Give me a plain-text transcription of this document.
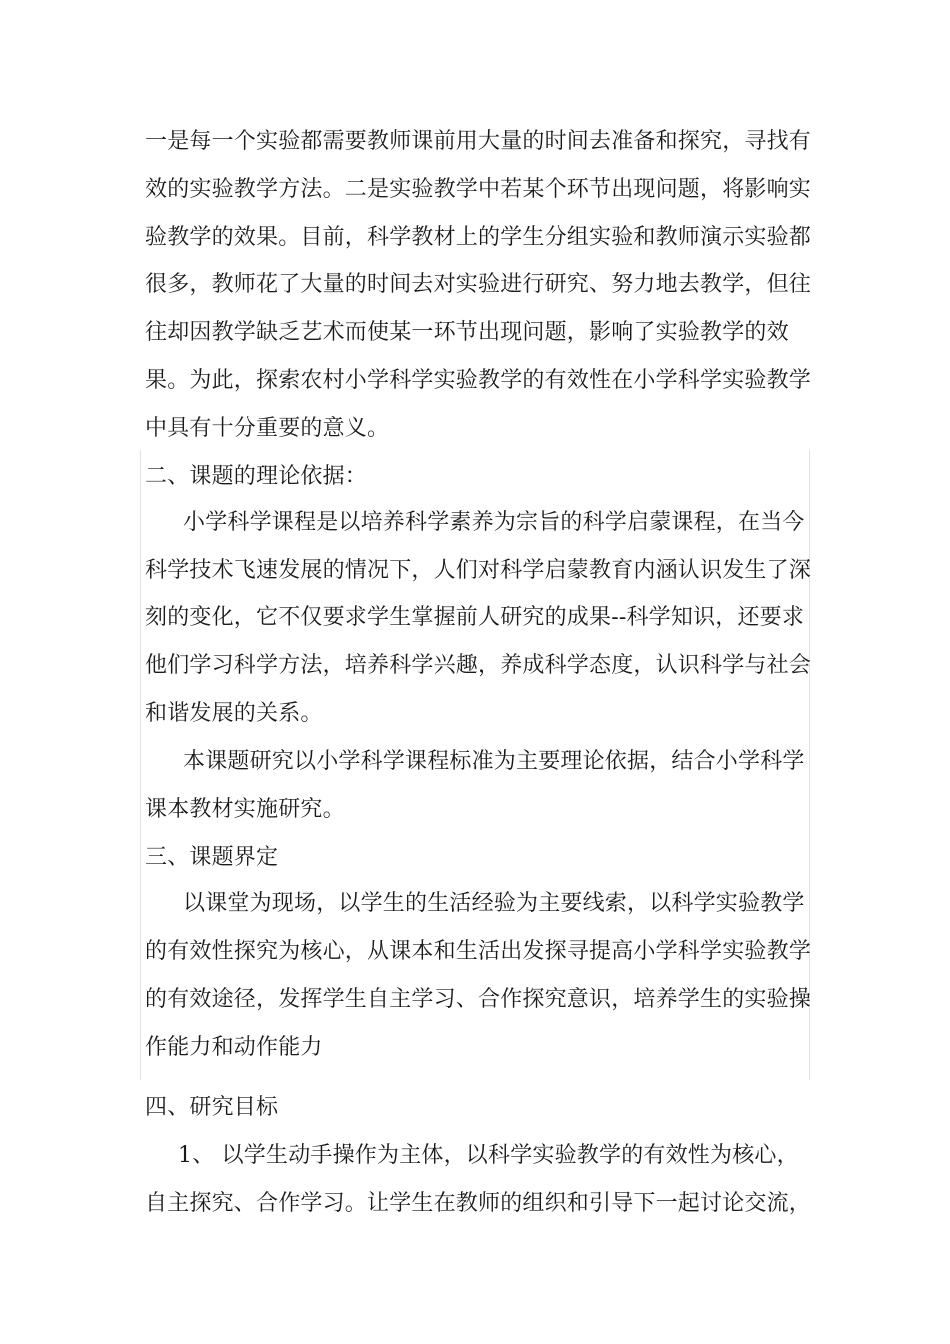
一是每一个实验都需要教师课前用大量的时间去准备和探究，寻找有
效的实验教学方法。二是实验教学中若某个环节出现问题，将影响实
验教学的效果。目前，科学教材上的学生分组实验和教师演示实验都
很多，教师花了大量的时间去对实验进行研究、努力地去教学，但往
往却因教学缺乏艺术而使某一环节出现问题，影响了实验教学的效
果。为此，探索农村小学科学实验教学的有效性在小学科学实验教学
中具有十分重要的意义。
二、课题的理论依据：
小学科学课程是以培养科学素养为宗旨的科学启蒙课程，在当今
科学技术飞速发展的情况下，人们对科学启蒙教育内涵认识发生了深
刻的变化，它不仅要求学生掌握前人研究的成果--科学知识，还要求
他们学习科学方法，培养科学兴趣，养成科学态度，认识科学与社会
和谐发展的关系。
本课题研究以小学科学课程标准为主要理论依据，结合小学科学
课本教材实施研究。
三、课题界定
以课堂为现场，以学生的生活经验为主要线索，以科学实验教学
的有效性探究为核心，从课本和生活出发探寻提高小学科学实验教学
的有效途径，发挥学生自主学习、合作探究意识，培养学生的实验操
作能力和动作能力
四、研究目标
1、 以学生动手操作为主体，以科学实验教学的有效性为核心，
自主探究、合作学习。让学生在教师的组织和引导下一起讨论交流，
